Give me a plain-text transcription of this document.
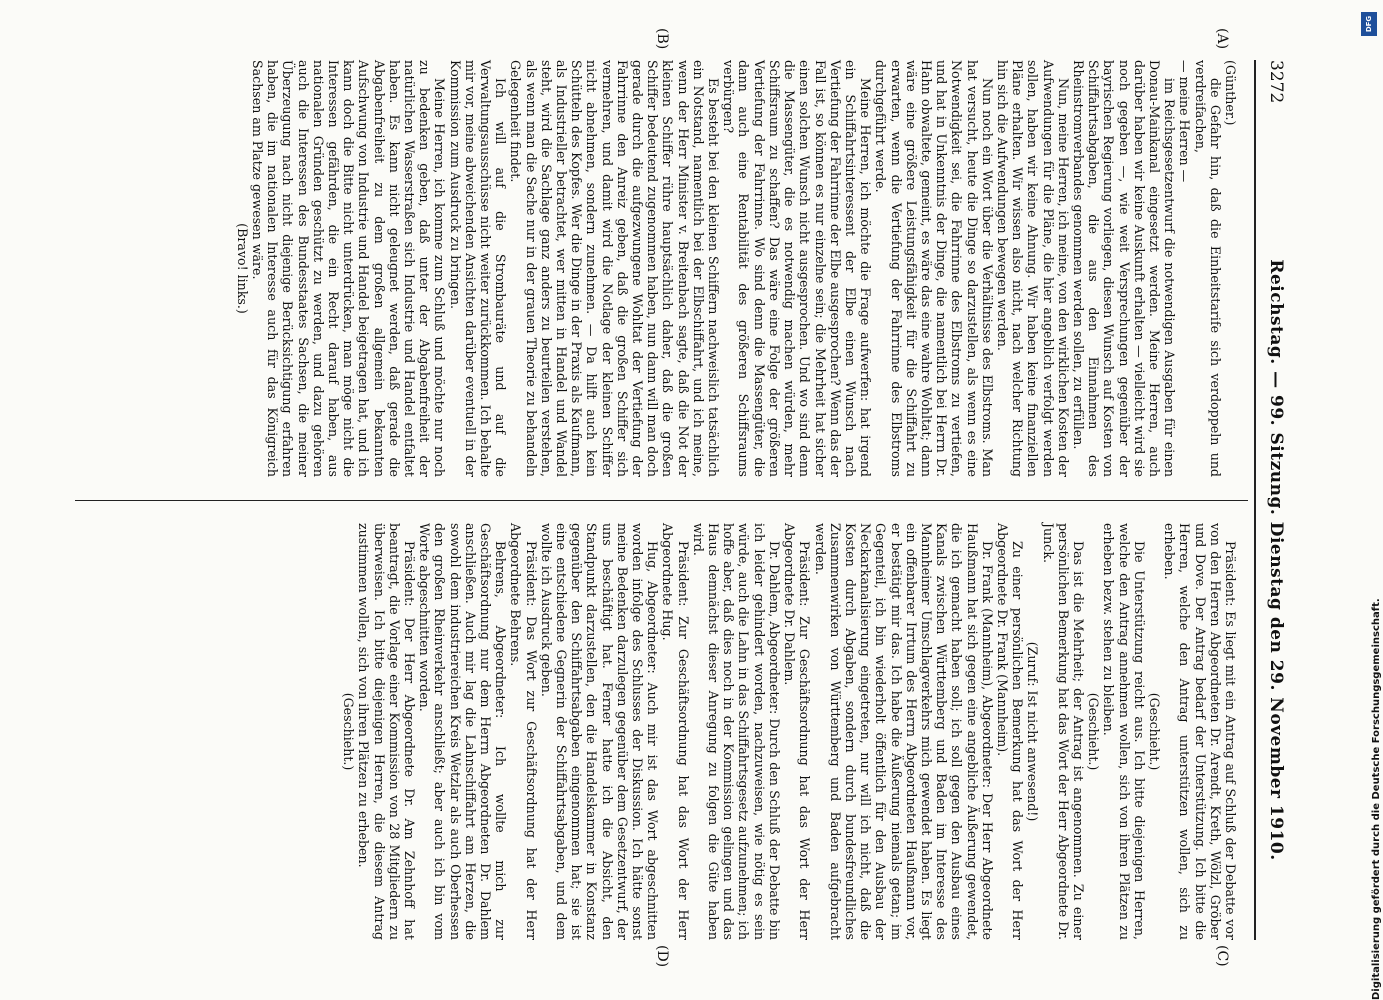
3272
Reichstag. — 99. Sitzung. Dienstag den 29. November 1910.
(A)
(B)
(C)
(D)

(Günther.)

die Gefahr hin, daß die Einheitstarife sich verdoppeln und verdreifachen,

— meine Herren —

im Reichsgesetzentwurf die notwendigen Ausgaben für einen Donau-Mainkanal eingesetzt werden. Meine Herren, auch darüber haben wir keine Auskunft erhalten — vielleicht wird sie noch gegeben —, wie weit Versprechungen gegenüber der bayrischen Regierung vorliegen, diesen Wunsch auf Kosten von Schiffahrtsabgaben, die aus den Einnahmen des Rheinstromverbandes genommen werden sollen, zu erfüllen.

Nun, meine Herren, ich meine, von den wirklichen Kosten der Aufwendungen für die Pläne, die hier angeblich verfolgt werden sollen, haben wir keine Ahnung. Wir haben keine finanziellen Pläne erhalten. Wir wissen also nicht, nach welcher Richtung hin sich die Aufwendungen bewegen werden.

Nun noch ein Wort über die Verhältnisse des Elbstroms. Man hat versucht, heute die Dinge so darzustellen, als wenn es eine Notwendigkeit sei, die Fahrrinne des Elbstroms zu vertiefen, und hat in Unkenntnis der Dinge, die namentlich bei Herrn Dr. Hahn obwaltete, gemeint, es wäre das eine wahre Wohltat; dann wäre eine größere Leistungsfähigkeit für die Schiffahrt zu erwarten, wenn die Vertiefung der Fahrrinne des Elbstroms durchgeführt werde.

Meine Herren, ich möchte die Frage aufwerfen: hat irgend ein Schiffahrtsinteressent der Elbe einen Wunsch nach Vertiefung der Fahrrinne der Elbe ausgesprochen? Wenn das der Fall ist, so können es nur einzelne sein; die Mehrheit hat sicher einen solchen Wunsch nicht ausgesprochen. Und wo sind denn die Massengüter, die es notwendig machen würden, mehr Schiffsraum zu schaffen? Das wäre eine Folge der größeren Vertiefung der Fahrrinne. Wo sind denn die Massengüter, die dann auch eine Rentabilität des größeren Schiffsraums verbürgen?

Es besteht bei den kleinen Schiffern nachweislich tatsächlich ein Notstand, namentlich bei der Elbschiffahrt, und ich meine, wenn der Herr Minister v. Breitenbach sagte, daß die Not der kleinen Schiffer rühre hauptsächlich daher, daß die großen Schiffer bedeutend zugenommen haben, nun dann will man doch gerade durch die aufgezwungene Wohltat der Vertiefung der Fahrrinne den Anreiz geben, daß die großen Schiffer sich vermehren, und damit wird die Notlage der kleinen Schiffer nicht abnehmen, sondern zunehmen. — Da hilft auch kein Schütteln des Kopfes. Wer die Dinge in der Praxis als Kaufmann, als Industrieller betrachtet, wer mitten in Handel und Wandel steht, wird die Sachlage ganz anders zu beurteilen verstehen, als wenn man die Sache nur in der grauen Theorie zu behandeln Gelegenheit findet.

Ich will auf die Strombauräte und auf die Verwaltungsausschüsse nicht weiter zurückkommen. Ich behalte mir vor, meine abweichenden Ansichten darüber eventuell in der Kommission zum Ausdruck zu bringen.

Meine Herren, ich komme zum Schluß und möchte nur noch zu bedenken geben, daß unter der Abgabenfreiheit der natürlichen Wasserstraßen sich Industrie und Handel entfaltet haben. Es kann nicht geleugnet werden, daß gerade die Abgabenfreiheit zu dem großen allgemein bekannten Aufschwung von Industrie und Handel beigetragen hat, und ich kann doch die Bitte nicht unterdrücken, man möge nicht die Interessen gefährden, die ein Recht darauf haben, aus nationalen Gründen geschützt zu werden, und dazu gehören auch die Interessen des Bundesstaates Sachsen, die meiner Überzeugung nach nicht diejenige Berücksichtigung erfahren haben, die im nationalen Interesse auch für das Königreich Sachsen am Platze gewesen wäre.

(Bravo! links.)

Präsident: Es liegt mit ein Antrag auf Schluß der Debatte vor von den Herren Abgeordneten Dr. Arendt, Kreth, Wölzl, Gröber und Dove. Der Antrag bedarf der Unterstützung. Ich bitte die Herren, welche den Antrag unterstützen wollen, sich zu erheben.

(Geschieht.)

Die Unterstützung reicht aus. Ich bitte diejenigen Herren, welche den Antrag annehmen wollen, sich von ihren Plätzen zu erheben bezw. stehen zu bleiben.

(Geschieht.)

Das ist die Mehrheit; der Antrag ist angenommen. Zu einer persönlichen Bemerkung hat das Wort der Herr Abgeordnete Dr. Junck.

(Zuruf: Ist nicht anwesend!)

Zu einer persönlichen Bemerkung hat das Wort der Herr Abgeordnete Dr. Frank (Mannheim).

Dr. Frank (Mannheim), Abgeordneter: Der Herr Abgeordnete Haußmann hat sich gegen eine angebliche Äußerung gewendet, die ich gemacht haben soll; ich soll gegen den Ausbau eines Kanals zwischen Württemberg und Baden im Interesse des Mannheimer Umschlagverkehrs mich gewendet haben. Es liegt ein offenbarer Irrtum des Herrn Abgeordneten Haußmann vor, er bestätigt mir das. Ich habe die Äußerung niemals getan; im Gegenteil, ich bin wiederholt öffentlich für den Ausbau der Neckarkanalisierung eingetreten, nur will ich nicht, daß die Kosten durch Abgaben, sondern durch bundesfreundliches Zusammenwirken von Württemberg und Baden aufgebracht werden.

Präsident: Zur Geschäftsordnung hat das Wort der Herr Abgeordnete Dr. Dahlem.

Dr. Dahlem, Abgeordneter: Durch den Schluß der Debatte bin ich leider gehindert worden, nachzuweisen, wie nötig es sein würde, auch die Lahn in das Schiffahrtsgesetz aufzunehmen; ich hoffe aber, daß dies noch in der Kommission gelingen und das Haus demnächst dieser Anregung zu folgen die Güte haben wird.

Präsident: Zur Geschäftsordnung hat das Wort der Herr Abgeordnete Hug.

Hug, Abgeordneter: Auch mir ist das Wort abgeschnitten worden infolge des Schlusses der Diskussion. Ich hätte sonst meine Bedenken darzulegen gegenüber dem Gesetzentwurf, der uns beschäftigt hat. Ferner hatte ich die Absicht, den Standpunkt darzustellen, den die Handelskammer in Konstanz gegenüber den Schiffahrtsabgaben eingenommen hat; sie ist eine entschiedene Gegnerin der Schiffahrtsabgaben, und dem wollte ich Ausdruck geben.

Präsident: Das Wort zur Geschäftsordnung hat der Herr Abgeordnete Behrens.

Behrens, Abgeordneter: Ich wollte mich zur Geschäftsordnung nur dem Herrn Abgeordneten Dr. Dahlem anschließen. Auch mir lag die Lahnschiffahrt am Herzen, die sowohl dem industriereichen Kreis Wetzlar als auch Oberhessen den großen Rheinverkehr anschließt; aber auch ich bin vom Worte abgeschnitten worden.

Präsident: Der Herr Abgeordnete Dr. Am Zehnhoff hat beantragt, die Vorlage einer Kommission von 28 Mitgliedern zu überweisen. Ich bitte diejenigen Herren, die diesem Antrag zustimmen wollen, sich von ihren Plätzen zu erheben.

(Geschieht.)

DFG
Digitalisierung gefördert durch die Deutsche Forschungsgemeinschaft.
